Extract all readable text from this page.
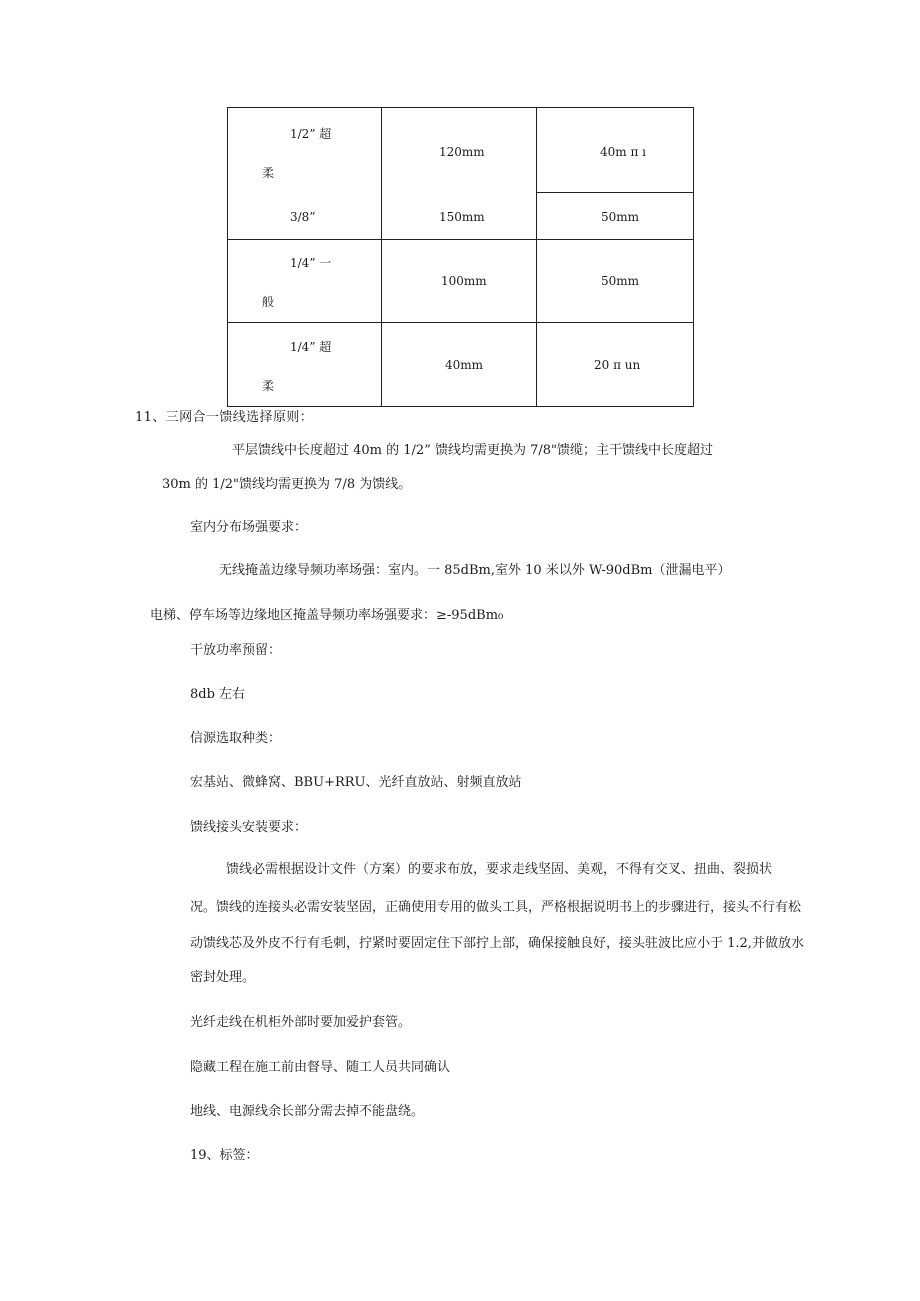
1/2” 超
柔
120mm	40m π ı
3/8”	150mm	50mm
1/4” 一
般
100mm	50mm
1/4” 超
柔
40mm	20 π un
11、三网合一馈线选择原则：
平层馈线中长度超过 40m 的 1/2” 馈线均需更换为 7/8"馈缆；主干馈线中长度超过
30m 的 1/2"馈线均需更换为 7/8 为馈线。
室内分布场强要求：
无线掩盖边缘导频功率场强：室内。一 85dBm,室外 10 米以外 W-90dBm（泄漏电平）
电梯、停车场等边缘地区掩盖导频功率场强要求：≥-95dBm₀
干放功率预留：
8db 左右
信源选取种类：
宏基站、微蜂窝、BBU+RRU、光纤直放站、射频直放站
馈线接头安装要求：
馈线必需根据设计文件（方案）的要求布放，要求走线坚固、美观，不得有交叉、扭曲、裂损状
况。馈线的连接头必需安装坚固，正确使用专用的做头工具，严格根据说明书上的步骤进行，接头不行有松
动馈线芯及外皮不行有毛刺，拧紧时要固定住下部拧上部，确保接触良好，接头驻波比应小于 1.2,并做放水
密封处理。
光纤走线在机柜外部时要加爱护套管。
隐藏工程在施工前由督导、随工人员共同确认
地线、电源线余长部分需去掉不能盘绕。
19、标签：
